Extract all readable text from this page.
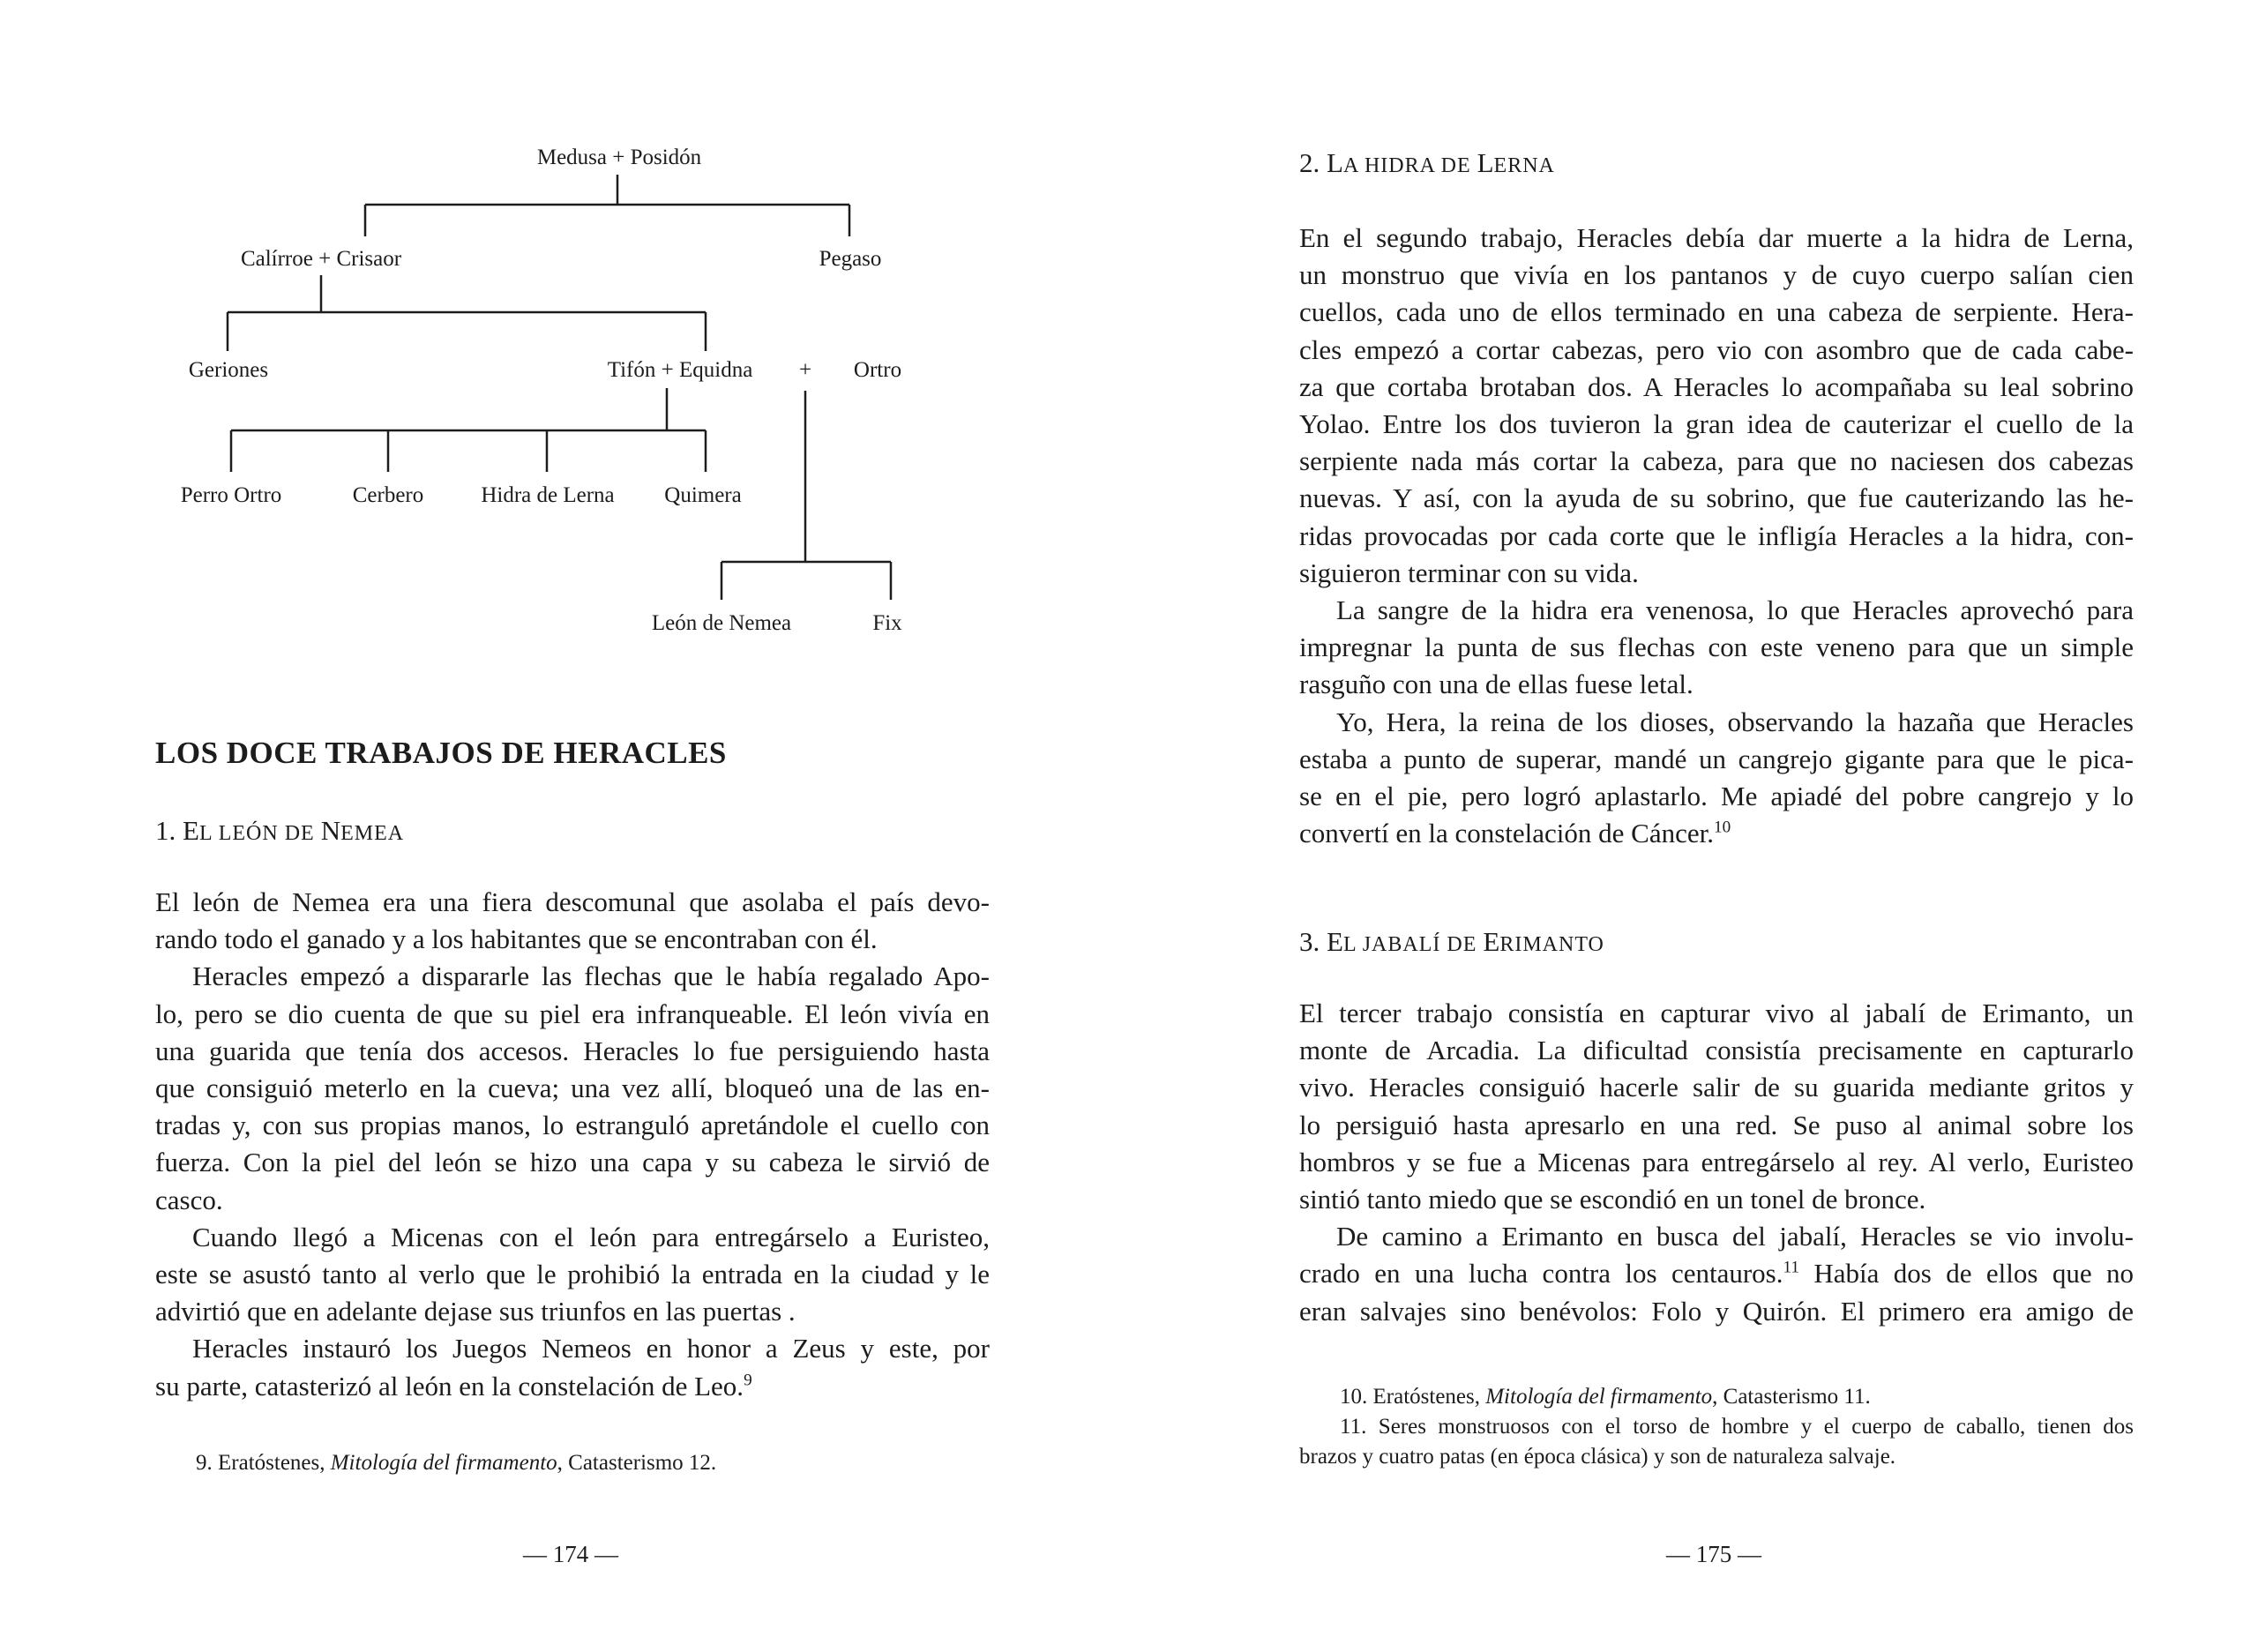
Medusa + Posidón
Calírroe + Crisaor	Pegaso
Geriones	Tifón + Equidna + Ortro
Perro Ortro	Cerbero	Hidra de Lerna Quimera
León de Nemea	Fix
LOS DOCE TRABAJOS DE HERACLES
1. EL LEÓN DE NEMEA
El león de Nemea era una fiera descomunal que asolaba el país devo-
rando todo el ganado y a los habitantes que se encontraban con él.
Heracles empezó a dispararle las flechas que le había regalado Apo-
lo, pero se dio cuenta de que su piel era infranqueable. El león vivía en
una guarida que tenía dos accesos. Heracles lo fue persiguiendo hasta
que consiguió meterlo en la cueva; una vez allí, bloqueó una de las en-
tradas y, con sus propias manos, lo estranguló apretándole el cuello con
fuerza. Con la piel del león se hizo una capa y su cabeza le sirvió de
casco.
Cuando llegó a Micenas con el león para entregárselo a Euristeo,
este se asustó tanto al verlo que le prohibió la entrada en la ciudad y le
advirtió que en adelante dejase sus triunfos en las puertas .
Heracles instauró los Juegos Nemeos en honor a Zeus y este, por
su parte, catasterizó al león en la constelación de Leo.$^9$
9. Eratóstenes, Mitología del firmamento, Catasterismo 12.
— 174 —
2. LA HIDRA DE LERNA
En el segundo trabajo, Heracles debía dar muerte a la hidra de Lerna,
un monstruo que vivía en los pantanos y de cuyo cuerpo salían cien
cuellos, cada uno de ellos terminado en una cabeza de serpiente. Hera-
cles empezó a cortar cabezas, pero vio con asombro que de cada cabe-
za que cortaba brotaban dos. A Heracles lo acompañaba su leal sobrino
Yolao. Entre los dos tuvieron la gran idea de cauterizar el cuello de la
serpiente nada más cortar la cabeza, para que no naciesen dos cabezas
nuevas. Y así, con la ayuda de su sobrino, que fue cauterizando las he-
ridas provocadas por cada corte que le infligía Heracles a la hidra, con-
siguieron terminar con su vida.
La sangre de la hidra era venenosa, lo que Heracles aprovechó para
impregnar la punta de sus flechas con este veneno para que un simple
rasguño con una de ellas fuese letal.
Yo, Hera, la reina de los dioses, observando la hazaña que Heracles
estaba a punto de superar, mandé un cangrejo gigante para que le pica-
se en el pie, pero logró aplastarlo. Me apiadé del pobre cangrejo y lo
convertí en la constelación de Cáncer.$^{10}$
3. EL JABALÍ DE ERIMANTO
El tercer trabajo consistía en capturar vivo al jabalí de Erimanto, un
monte de Arcadia. La dificultad consistía precisamente en capturarlo
vivo. Heracles consiguió hacerle salir de su guarida mediante gritos y
lo persiguió hasta apresarlo en una red. Se puso al animal sobre los
hombros y se fue a Micenas para entregárselo al rey. Al verlo, Euristeo
sintió tanto miedo que se escondió en un tonel de bronce.
De camino a Erimanto en busca del jabalí, Heracles se vio involu-
crado en una lucha contra los centauros.$^{11}$ Había dos de ellos que no
eran salvajes sino benévolos: Folo y Quirón. El primero era amigo de
10. Eratóstenes, Mitología del firmamento, Catasterismo 11.
11. Seres monstruosos con el torso de hombre y el cuerpo de caballo, tienen dos
brazos y cuatro patas (en época clásica) y son de naturaleza salvaje.
— 175 —
